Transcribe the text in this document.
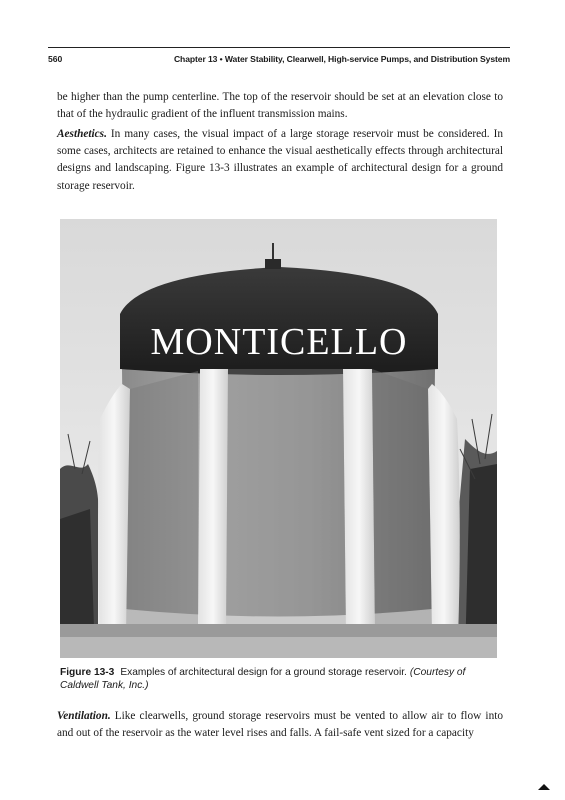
560	Chapter 13 • Water Stability, Clearwell, High-service Pumps, and Distribution System
be higher than the pump centerline. The top of the reservoir should be set at an elevation close to that of the hydraulic gradient of the influent transmission mains.
Aesthetics. In many cases, the visual impact of a large storage reservoir must be considered. In some cases, architects are retained to enhance the visual aesthetically effects through architectural designs and landscaping. Figure 13-3 illustrates an example of architectural design for a ground storage reservoir.
MONTICELLO
Figure 13-3 Examples of architectural design for a ground storage reservoir. (Courtesy of Caldwell Tank, Inc.)
Ventilation. Like clearwells, ground storage reservoirs must be vented to allow air to flow into and out of the reservoir as the water level rises and falls. A fail-safe vent sized for a capacity
